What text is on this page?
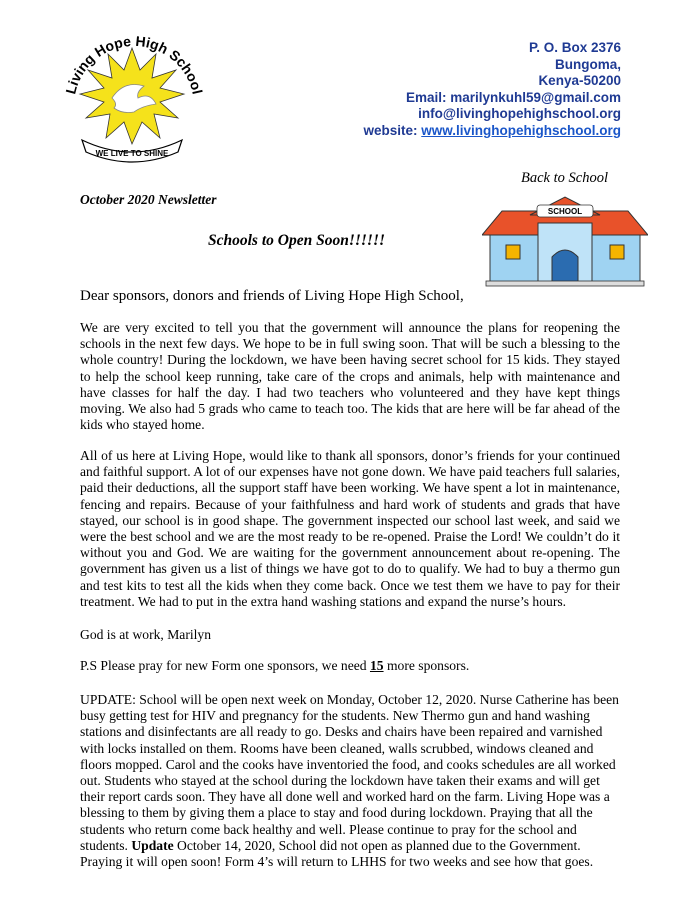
Living Hope High School
WE LIVE TO SHINE
P. O. Box 2376
Bungoma,
Kenya-50200
Email: marilynkuhl59@gmail.com
info@livinghopehighschool.org
website: www.livinghopehighschool.org
Back to School
October 2020 Newsletter
SCHOOL
Schools to Open Soon!!!!!!
Dear sponsors, donors and friends of Living Hope High School,
We are very excited to tell you that the government will announce the plans for reopening the schools in the next few days. We hope to be in full swing soon. That will be such a blessing to the whole country! During the lockdown, we have been having secret school for 15 kids. They stayed to help the school keep running, take care of the crops and animals, help with maintenance and have classes for half the day. I had two teachers who volunteered and they have kept things moving. We also had 5 grads who came to teach too. The kids that are here will be far ahead of the kids who stayed home.
All of us here at Living Hope, would like to thank all sponsors, donor’s friends for your continued and faithful support. A lot of our expenses have not gone down. We have paid teachers full salaries, paid their deductions, all the support staff have been working. We have spent a lot in maintenance, fencing and repairs. Because of your faithfulness and hard work of students and grads that have stayed, our school is in good shape. The government inspected our school last week, and said we were the best school and we are the most ready to be re-opened. Praise the Lord! We couldn’t do it without you and God. We are waiting for the government announcement about re-opening. The government has given us a list of things we have got to do to qualify. We had to buy a thermo gun and test kits to test all the kids when they come back. Once we test them we have to pay for their treatment. We had to put in the extra hand washing stations and expand the nurse’s hours.
God is at work, Marilyn
P.S Please pray for new Form one sponsors, we need 15 more sponsors.
UPDATE: School will be open next week on Monday, October 12, 2020. Nurse Catherine has been busy getting test for HIV and pregnancy for the students. New Thermo gun and hand washing stations and disinfectants are all ready to go. Desks and chairs have been repaired and varnished with locks installed on them. Rooms have been cleaned, walls scrubbed, windows cleaned and floors mopped. Carol and the cooks have inventoried the food, and cooks schedules are all worked out. Students who stayed at the school during the lockdown have taken their exams and will get their report cards soon. They have all done well and worked hard on the farm. Living Hope was a blessing to them by giving them a place to stay and food during lockdown. Praying that all the students who return come back healthy and well. Please continue to pray for the school and students. Update October 14, 2020, School did not open as planned due to the Government. Praying it will open soon! Form 4’s will return to LHHS for two weeks and see how that goes.
